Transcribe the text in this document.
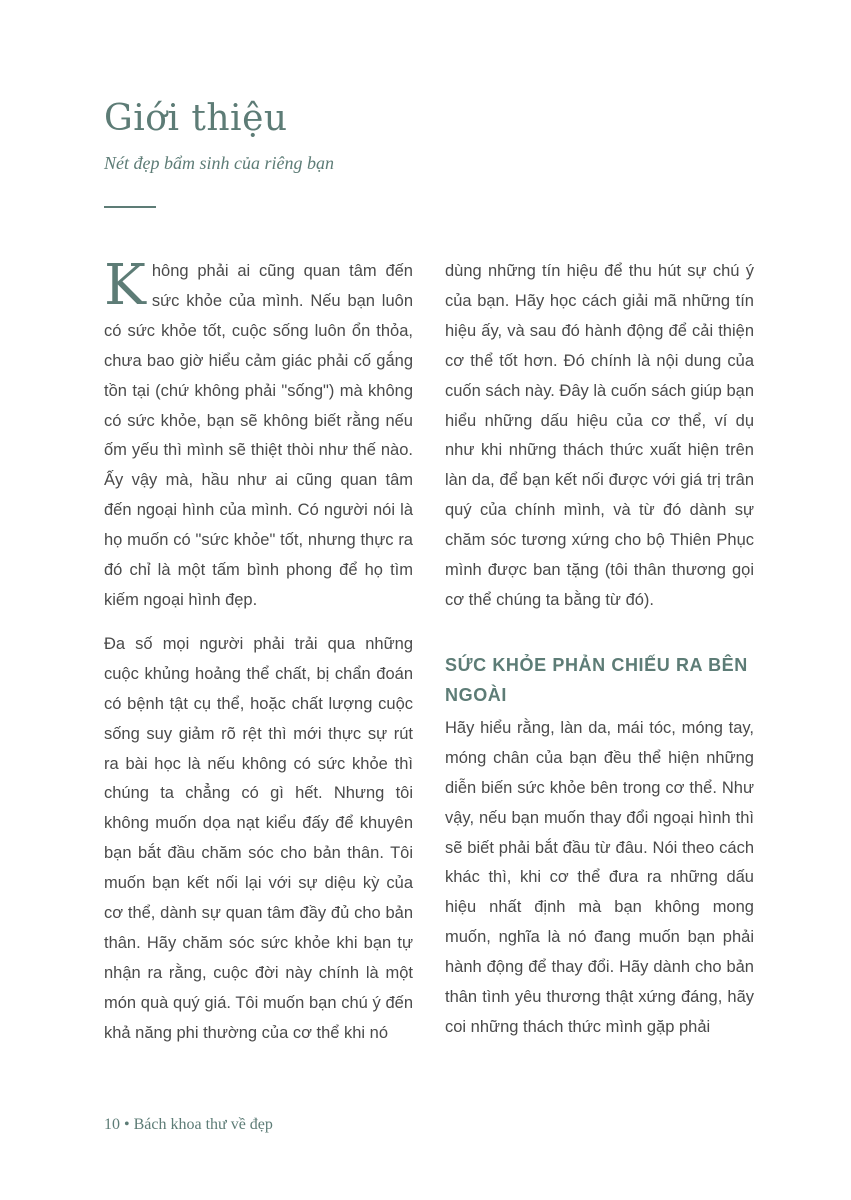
Giới thiệu

Nét đẹp bẩm sinh của riêng bạn

Không phải ai cũng quan tâm đến sức khỏe của mình. Nếu bạn luôn có sức khỏe tốt, cuộc sống luôn ổn thỏa, chưa bao giờ hiểu cảm giác phải cố gắng tồn tại (chứ không phải "sống") mà không có sức khỏe, bạn sẽ không biết rằng nếu ốm yếu thì mình sẽ thiệt thòi như thế nào. Ấy vậy mà, hầu như ai cũng quan tâm đến ngoại hình của mình. Có người nói là họ muốn có "sức khỏe" tốt, nhưng thực ra đó chỉ là một tấm bình phong để họ tìm kiếm ngoại hình đẹp.

Đa số mọi người phải trải qua những cuộc khủng hoảng thể chất, bị chẩn đoán có bệnh tật cụ thể, hoặc chất lượng cuộc sống suy giảm rõ rệt thì mới thực sự rút ra bài học là nếu không có sức khỏe thì chúng ta chẳng có gì hết. Nhưng tôi không muốn dọa nạt kiểu đấy để khuyên bạn bắt đầu chăm sóc cho bản thân. Tôi muốn bạn kết nối lại với sự diệu kỳ của cơ thể, dành sự quan tâm đầy đủ cho bản thân. Hãy chăm sóc sức khỏe khi bạn tự nhận ra rằng, cuộc đời này chính là một món quà quý giá. Tôi muốn bạn chú ý đến khả năng phi thường của cơ thể khi nó

dùng những tín hiệu để thu hút sự chú ý của bạn. Hãy học cách giải mã những tín hiệu ấy, và sau đó hành động để cải thiện cơ thể tốt hơn. Đó chính là nội dung của cuốn sách này. Đây là cuốn sách giúp bạn hiểu những dấu hiệu của cơ thể, ví dụ như khi những thách thức xuất hiện trên làn da, để bạn kết nối được với giá trị trân quý của chính mình, và từ đó dành sự chăm sóc tương xứng cho bộ Thiên Phục mình được ban tặng (tôi thân thương gọi cơ thể chúng ta bằng từ đó).

SỨC KHỎE PHẢN CHIẾU RA BÊN NGOÀI

Hãy hiểu rằng, làn da, mái tóc, móng tay, móng chân của bạn đều thể hiện những diễn biến sức khỏe bên trong cơ thể. Như vậy, nếu bạn muốn thay đổi ngoại hình thì sẽ biết phải bắt đầu từ đâu. Nói theo cách khác thì, khi cơ thể đưa ra những dấu hiệu nhất định mà bạn không mong muốn, nghĩa là nó đang muốn bạn phải hành động để thay đổi. Hãy dành cho bản thân tình yêu thương thật xứng đáng, hãy coi những thách thức mình gặp phải

10 • Bách khoa thư về đẹp
